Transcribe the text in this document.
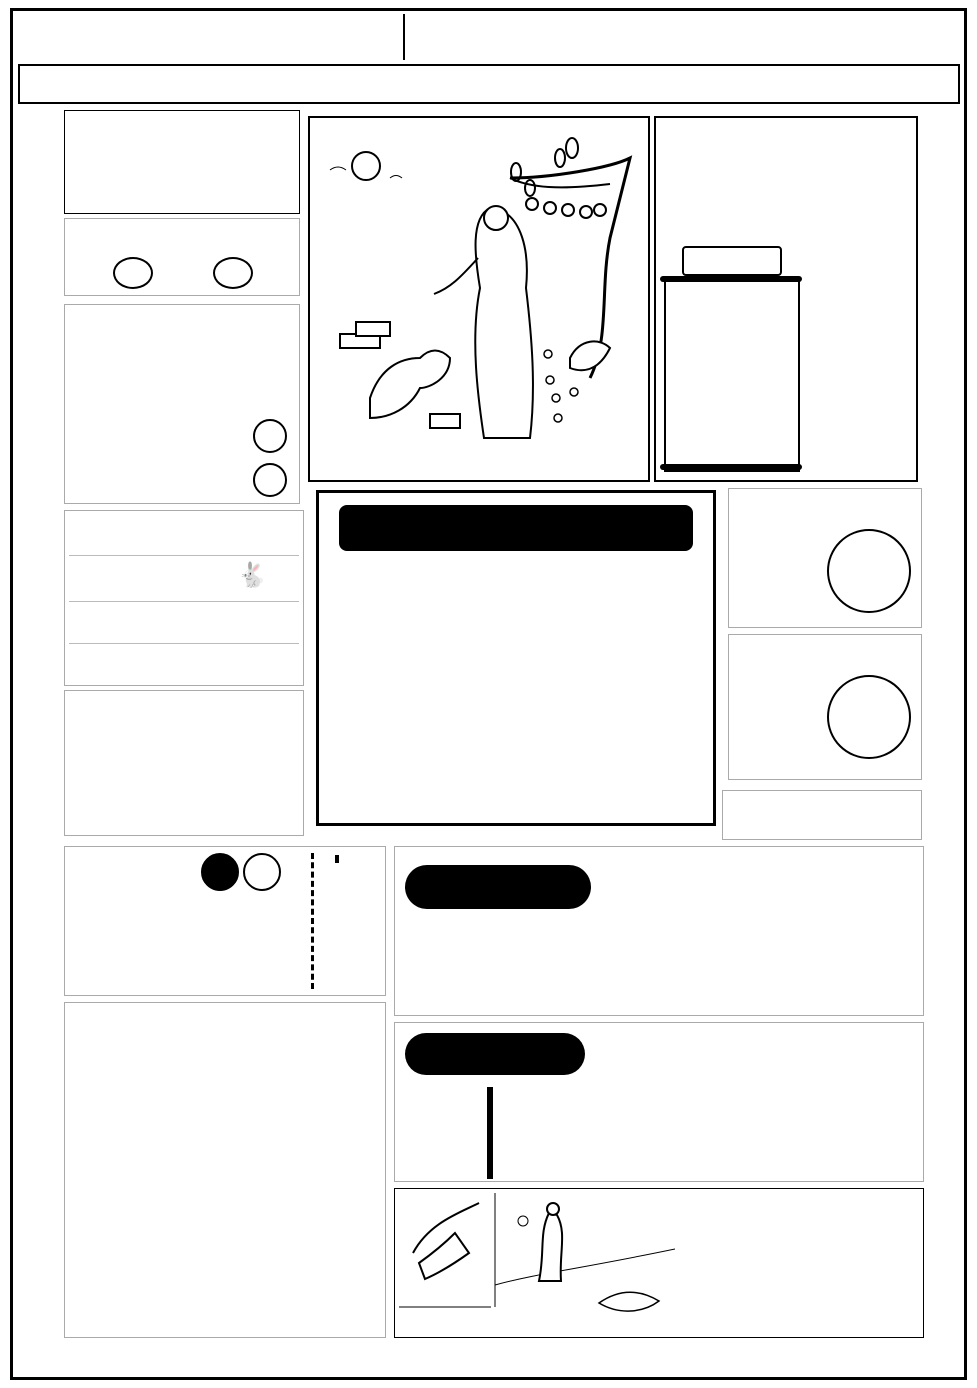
🐇
